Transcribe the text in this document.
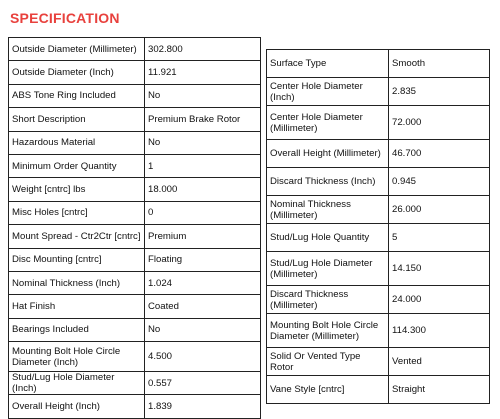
SPECIFICATION
Outside Diameter (Millimeter)	302.800
Outside Diameter (Inch)	11.921
ABS Tone Ring Included	No
Short Description	Premium Brake Rotor
Hazardous Material	No
Minimum Order Quantity	1
Weight [cntrc] lbs	18.000
Misc Holes [cntrc]	0
Mount Spread - Ctr2Ctr [cntrc]	Premium
Disc Mounting [cntrc]	Floating
Nominal Thickness (Inch)	1.024
Hat Finish	Coated
Bearings Included	No
Mounting Bolt Hole Circle Diameter (Inch)	4.500
Stud/Lug Hole Diameter (Inch)	0.557
Overall Height (Inch)	1.839
Surface Type	Smooth
Center Hole Diameter (Inch)	2.835
Center Hole Diameter (Millimeter)	72.000
Overall Height (Millimeter)	46.700
Discard Thickness (Inch)	0.945
Nominal Thickness (Millimeter)	26.000
Stud/Lug Hole Quantity	5
Stud/Lug Hole Diameter (Millimeter)	14.150
Discard Thickness (Millimeter)	24.000
Mounting Bolt Hole Circle Diameter (Millimeter)	114.300
Solid Or Vented Type Rotor	Vented
Vane Style [cntrc]	Straight
